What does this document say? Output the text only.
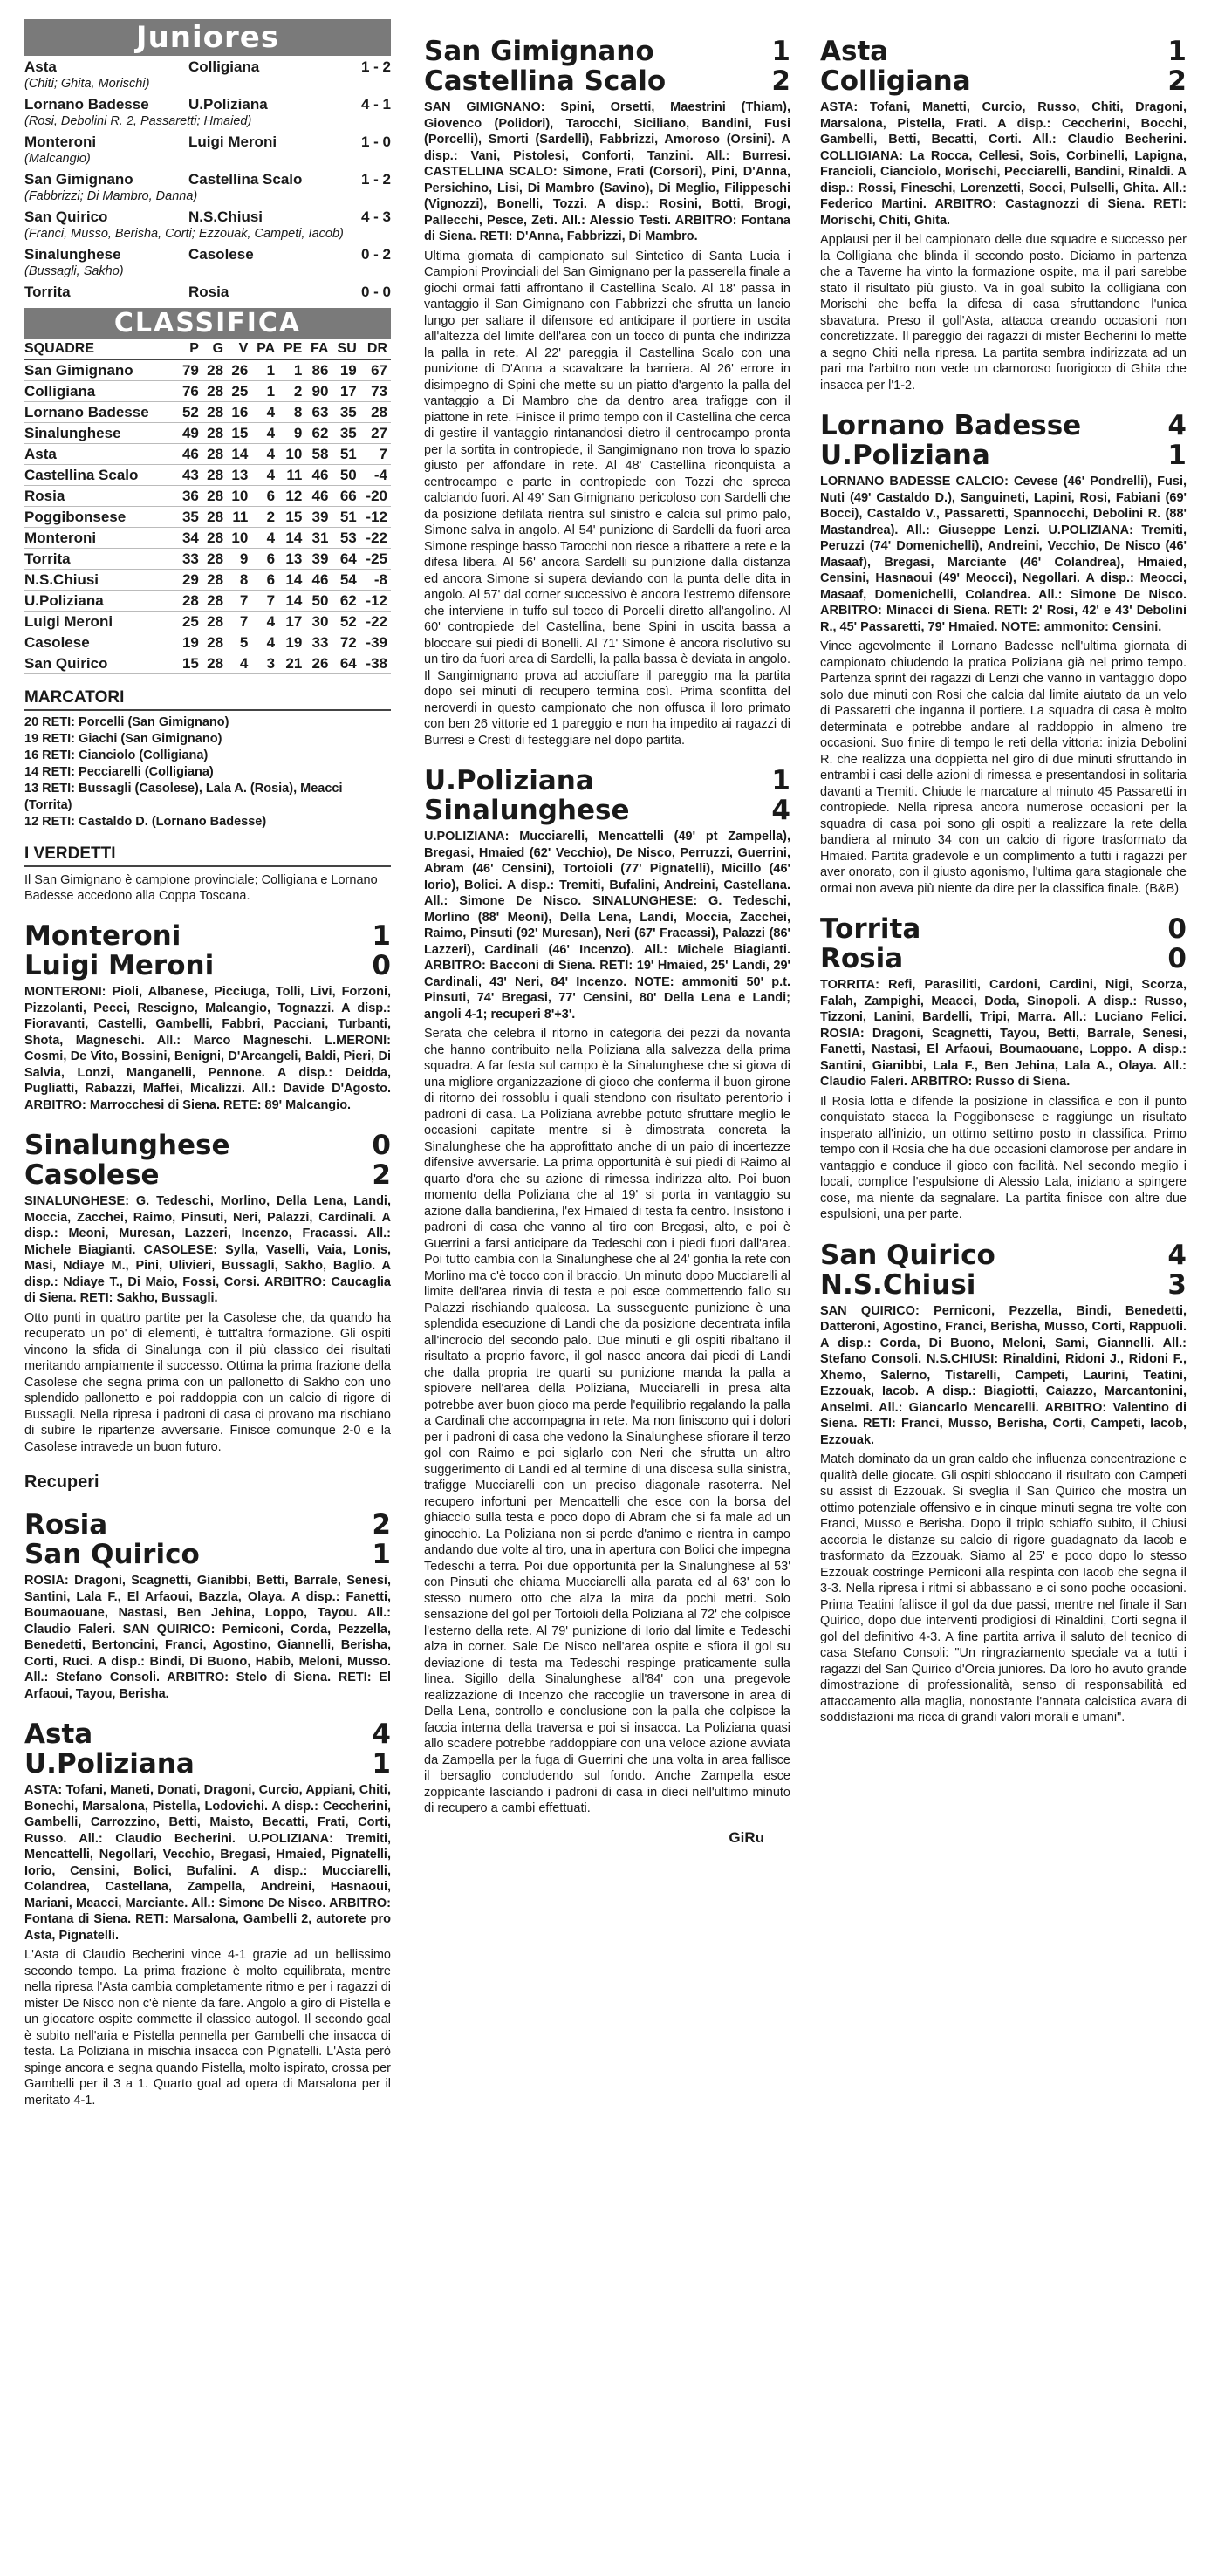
Juniores
Asta	Colligiana	1 - 2
(Chiti; Ghita, Morischi)
Lornano Badesse	U.Poliziana	4 - 1
(Rosi, Debolini R. 2, Passaretti; Hmaied)
Monteroni	Luigi Meroni	1 - 0
(Malcangio)
San Gimignano	Castellina Scalo	1 - 2
(Fabbrizzi; Di Mambro, Danna)
San Quirico	N.S.Chiusi	4 - 3
(Franci, Musso, Berisha, Corti; Ezzouak, Campeti, Iacob)
Sinalunghese	Casolese	0 - 2
(Bussagli, Sakho)
Torrita	Rosia	0 - 0
CLASSIFICA
SQUADRE	P	G	V	PA	PE	FA	SU	DR
San Gimignano	79	28	26	1	1	86	19	67
Colligiana	76	28	25	1	2	90	17	73
Lornano Badesse	52	28	16	4	8	63	35	28
Sinalunghese	49	28	15	4	9	62	35	27
Asta	46	28	14	4	10	58	51	7
Castellina Scalo	43	28	13	4	11	46	50	-4
Rosia	36	28	10	6	12	46	66	-20
Poggibonsese	35	28	11	2	15	39	51	-12
Monteroni	34	28	10	4	14	31	53	-22
Torrita	33	28	9	6	13	39	64	-25
N.S.Chiusi	29	28	8	6	14	46	54	-8
U.Poliziana	28	28	7	7	14	50	62	-12
Luigi Meroni	25	28	7	4	17	30	52	-22
Casolese	19	28	5	4	19	33	72	-39
San Quirico	15	28	4	3	21	26	64	-38
MARCATORI
20 RETI: Porcelli (San Gimignano)
19 RETI: Giachi (San Gimignano)
16 RETI: Cianciolo (Colligiana)
14 RETI: Pecciarelli (Colligiana)
13 RETI: Bussagli (Casolese), Lala A. (Rosia), Meacci (Torrita)
12 RETI: Castaldo D. (Lornano Badesse)
I VERDETTI
Il San Gimignano è campione provinciale; Colligiana e Lornano Badesse accedono alla Coppa Toscana.
Monteroni	1
Luigi Meroni	0
MONTERONI: Pioli, Albanese, Picciuga, Tolli, Livi, Forzoni, Pizzolanti, Pecci, Rescigno, Malcangio, Tognazzi. A disp.: Fioravanti, Castelli, Gambelli, Fabbri, Pacciani, Turbanti, Shota, Magneschi. All.: Marco Magneschi. L.MERONI: Cosmi, De Vito, Bossini, Benigni, D'Arcangeli, Baldi, Pieri, Di Salvia, Lonzi, Manganelli, Pennone. A disp.: Deidda, Pugliatti, Rabazzi, Maffei, Micalizzi. All.: Davide D'Agosto. ARBITRO: Marrocchesi di Siena. RETE: 89' Malcangio.
Sinalunghese	0
Casolese	2
SINALUNGHESE: G. Tedeschi, Morlino, Della Lena, Landi, Moccia, Zacchei, Raimo, Pinsuti, Neri, Palazzi, Cardinali. A disp.: Meoni, Muresan, Lazzeri, Incenzo, Fracassi. All.: Michele Biagianti. CASOLESE: Sylla, Vaselli, Vaia, Lonis, Masi, Ndiaye M., Pini, Ulivieri, Bussagli, Sakho, Baglio. A disp.: Ndiaye T., Di Maio, Fossi, Corsi. ARBITRO: Caucaglia di Siena. RETI: Sakho, Bussagli.
Otto punti in quattro partite per la Casolese che, da quando ha recuperato un po' di elementi, è tutt'altra formazione. Gli ospiti vincono la sfida di Sinalunga con il più classico dei risultati meritando ampiamente il successo. Ottima la prima frazione della Casolese che segna prima con un pallonetto di Sakho con uno splendido pallonetto e poi raddoppia con un calcio di rigore di Bussagli. Nella ripresa i padroni di casa ci provano ma rischiano di subire le ripartenze avversarie. Finisce comunque 2-0 e la Casolese intravede un buon futuro.
Recuperi
Rosia	2
San Quirico	1
ROSIA: Dragoni, Scagnetti, Gianibbi, Betti, Barrale, Senesi, Santini, Lala F., El Arfaoui, Bazzla, Olaya. A disp.: Fanetti, Boumaouane, Nastasi, Ben Jehina, Loppo, Tayou. All.: Claudio Faleri. SAN QUIRICO: Perniconi, Corda, Pezzella, Benedetti, Bertoncini, Franci, Agostino, Giannelli, Berisha, Corti, Ruci. A disp.: Bindi, Di Buono, Habib, Meloni, Musso. All.: Stefano Consoli. ARBITRO: Stelo di Siena. RETI: El Arfaoui, Tayou, Berisha.
Asta	4
U.Poliziana	1
ASTA: Tofani, Maneti, Donati, Dragoni, Curcio, Appiani, Chiti, Bonechi, Marsalona, Pistella, Lodovichi. A disp.: Ceccherini, Gambelli, Carrozzino, Betti, Maisto, Becatti, Frati, Corti, Russo. All.: Claudio Becherini. U.POLIZIANA: Tremiti, Mencattelli, Negollari, Vecchio, Bregasi, Hmaied, Pignatelli, Iorio, Censini, Bolici, Bufalini. A disp.: Mucciarelli, Colandrea, Castellana, Zampella, Andreini, Hasnaoui, Mariani, Meacci, Marciante. All.: Simone De Nisco. ARBITRO: Fontana di Siena. RETI: Marsalona, Gambelli 2, autorete pro Asta, Pignatelli.
L'Asta di Claudio Becherini vince 4-1 grazie ad un bellissimo secondo tempo. La prima frazione è molto equilibrata, mentre nella ripresa l'Asta cambia completamente ritmo e per i ragazzi di mister De Nisco non c'è niente da fare. Angolo a giro di Pistella e un giocatore ospite commette il classico autogol. Il secondo goal è subito nell'aria e Pistella pennella per Gambelli che insacca di testa. La Poliziana in mischia insacca con Pignatelli. L'Asta però spinge ancora e segna quando Pistella, molto ispirato, crossa per Gambelli per il 3 a 1. Quarto goal ad opera di Marsalona per il meritato 4-1.
San Gimignano	1
Castellina Scalo	2
SAN GIMIGNANO: Spini, Orsetti, Maestrini (Thiam), Giovenco (Polidori), Tarocchi, Siciliano, Bandini, Fusi (Porcelli), Smorti (Sardelli), Fabbrizzi, Amoroso (Orsini). A disp.: Vani, Pistolesi, Conforti, Tanzini. All.: Burresi. CASTELLINA SCALO: Simone, Frati (Corsori), Pini, D'Anna, Persichino, Lisi, Di Mambro (Savino), Di Meglio, Filippeschi (Vignozzi), Bonelli, Tozzi. A disp.: Rosini, Botti, Brogi, Pallecchi, Pesce, Zeti. All.: Alessio Testi. ARBITRO: Fontana di Siena. RETI: D'Anna, Fabbrizzi, Di Mambro.
Ultima giornata di campionato sul Sintetico di Santa Lucia i Campioni Provinciali del San Gimignano per la passerella finale a giochi ormai fatti affrontano il Castellina Scalo. Al 18' passa in vantaggio il San Gimignano con Fabbrizzi che sfrutta un lancio lungo per saltare il difensore ed anticipare il portiere in uscita all'altezza del limite dell'area con un tocco di punta che indirizza la palla in rete. Al 22' pareggia il Castellina Scalo con una punizione di D'Anna a scavalcare la barriera. Al 26' errore in disimpegno di Spini che mette su un piatto d'argento la palla del vantaggio a Di Mambro che da dentro area trafigge con il piattone in rete. Finisce il primo tempo con il Castellina che cerca di gestire il vantaggio rintanandosi dietro il centrocampo pronta per la sortita in contropiede, il Sangimignano non trova lo spazio giusto per affondare in rete. Al 48' Castellina riconquista a centrocampo e parte in contropiede con Tozzi che spreca calciando fuori. Al 49' San Gimignano pericoloso con Sardelli che da posizione defilata rientra sul sinistro e calcia sul primo palo, Simone salva in angolo. Al 54' punizione di Sardelli da fuori area Simone respinge basso Tarocchi non riesce a ribattere a rete e la difesa libera. Al 56' ancora Sardelli su punizione dalla distanza ed ancora Simone si supera deviando con la punta delle dita in angolo. Al 57' dal corner successivo è ancora l'estremo difensore che interviene in tuffo sul tocco di Porcelli diretto all'angolino. Al 60' contropiede del Castellina, bene Spini in uscita bassa a bloccare sui piedi di Bonelli. Al 71' Simone è ancora risolutivo su un tiro da fuori area di Sardelli, la palla bassa è deviata in angolo. Il Sangimignano prova ad acciuffare il pareggio ma la partita dopo sei minuti di recupero termina così. Prima sconfitta del neroverdi in questo campionato che non offusca il loro primato con ben 26 vittorie ed 1 pareggio e non ha impedito ai ragazzi di Burresi e Cresti di festeggiare nel dopo partita.
U.Poliziana	1
Sinalunghese	4
U.POLIZIANA: Mucciarelli, Mencattelli (49' pt Zampella), Bregasi, Hmaied (62' Vecchio), De Nisco, Perruzzi, Guerrini, Abram (46' Censini), Tortoioli (77' Pignatelli), Micillo (46' Iorio), Bolici. A disp.: Tremiti, Bufalini, Andreini, Castellana. All.: Simone De Nisco. SINALUNGHESE: G. Tedeschi, Morlino (88' Meoni), Della Lena, Landi, Moccia, Zacchei, Raimo, Pinsuti (92' Muresan), Neri (67' Fracassi), Palazzi (86' Lazzeri), Cardinali (46' Incenzo). All.: Michele Biagianti. ARBITRO: Bacconi di Siena. RETI: 19' Hmaied, 25' Landi, 29' Cardinali, 43' Neri, 84' Incenzo. NOTE: ammoniti 50' p.t. Pinsuti, 74' Bregasi, 77' Censini, 80' Della Lena e Landi; angoli 4-1; recuperi 8'+3'.
Serata che celebra il ritorno in categoria dei pezzi da novanta che hanno contribuito nella Poliziana alla salvezza della prima squadra. A far festa sul campo è la Sinalunghese che si giova di una migliore organizzazione di gioco che conferma il buon girone di ritorno dei rossoblu i quali stendono con risultato perentorio i padroni di casa. La Poliziana avrebbe potuto sfruttare meglio le occasioni capitate mentre si è dimostrata concreta la Sinalunghese che ha approfittato anche di un paio di incertezze difensive avversarie. La prima opportunità è sui piedi di Raimo al quarto d'ora che su azione di rimessa indirizza alto. Poi buon momento della Poliziana che al 19' si porta in vantaggio su azione dalla bandierina, l'ex Hmaied di testa fa centro. Insistono i padroni di casa che vanno al tiro con Bregasi, alto, e poi è Guerrini a farsi anticipare da Tedeschi con i piedi fuori dall'area. Poi tutto cambia con la Sinalunghese che al 24' gonfia la rete con Morlino ma c'è tocco con il braccio. Un minuto dopo Mucciarelli al limite dell'area rinvia di testa e poi esce commettendo fallo su Palazzi rischiando qualcosa. La susseguente punizione è una splendida esecuzione di Landi che da posizione decentrata infila all'incrocio del secondo palo. Due minuti e gli ospiti ribaltano il risultato a proprio favore, il gol nasce ancora dai piedi di Landi che dalla propria tre quarti su punizione manda la palla a spiovere nell'area della Poliziana, Mucciarelli in presa alta potrebbe aver buon gioco ma perde l'equilibrio regalando la palla a Cardinali che accompagna in rete. Ma non finiscono qui i dolori per i padroni di casa che vedono la Sinalunghese sfiorare il terzo gol con Raimo e poi siglarlo con Neri che sfrutta un altro suggerimento di Landi ed al termine di una discesa sulla sinistra, trafigge Mucciarelli con un preciso diagonale rasoterra. Nel recupero infortuni per Mencattelli che esce con la borsa del ghiaccio sulla testa e poco dopo di Abram che si fa male ad un ginocchio. La Poliziana non si perde d'animo e rientra in campo andando due volte al tiro, una in apertura con Bolici che impegna Tedeschi a terra. Poi due opportunità per la Sinalunghese al 53' con Pinsuti che chiama Mucciarelli alla parata ed al 63' con lo stesso numero otto che alza la mira da pochi metri. Solo sensazione del gol per Tortoioli della Poliziana al 72' che colpisce l'esterno della rete. Al 79' punizione di Iorio dal limite e Tedeschi alza in corner. Sale De Nisco nell'area ospite e sfiora il gol su deviazione di testa ma Tedeschi respinge praticamente sulla linea. Sigillo della Sinalunghese all'84' con una pregevole realizzazione di Incenzo che raccoglie un traversone in area di Della Lena, controllo e conclusione con la palla che colpisce la faccia interna della traversa e poi si insacca. La Poliziana quasi allo scadere potrebbe raddoppiare con una veloce azione avviata da Zampella per la fuga di Guerrini che una volta in area fallisce il bersaglio concludendo sul fondo. Anche Zampella esce zoppicante lasciando i padroni di casa in dieci nell'ultimo minuto di recupero a cambi effettuati.
GiRu
Asta	1
Colligiana	2
ASTA: Tofani, Manetti, Curcio, Russo, Chiti, Dragoni, Marsalona, Pistella, Frati. A disp.: Ceccherini, Bocchi, Gambelli, Betti, Becatti, Corti. All.: Claudio Becherini. COLLIGIANA: La Rocca, Cellesi, Sois, Corbinelli, Lapigna, Francioli, Cianciolo, Morischi, Pecciarelli, Bandini, Rinaldi. A disp.: Rossi, Fineschi, Lorenzetti, Socci, Pulselli, Ghita. All.: Federico Martini. ARBITRO: Castagnozzi di Siena. RETI: Morischi, Chiti, Ghita.
Applausi per il bel campionato delle due squadre e successo per la Colligiana che blinda il secondo posto. Diciamo in partenza che a Taverne ha vinto la formazione ospite, ma il pari sarebbe stato il risultato più giusto. Va in goal subito la colligiana con Morischi che beffa la difesa di casa sfruttandone l'unica sbavatura. Preso il goll'Asta, attacca creando occasioni non concretizzate. Il pareggio dei ragazzi di mister Becherini lo mette a segno Chiti nella ripresa. La partita sembra indirizzata ad un pari ma l'arbitro non vede un clamoroso fuorigioco di Ghita che insacca per l'1-2.
Lornano Badesse	4
U.Poliziana	1
LORNANO BADESSE CALCIO: Cevese (46' Pondrelli), Fusi, Nuti (49' Castaldo D.), Sanguineti, Lapini, Rosi, Fabiani (69' Bocci), Castaldo V., Passaretti, Spannocchi, Debolini R. (88' Mastandrea). All.: Giuseppe Lenzi. U.POLIZIANA: Tremiti, Peruzzi (74' Domenichelli), Andreini, Vecchio, De Nisco (46' Masaaf), Bregasi, Marciante (46' Colandrea), Hmaied, Censini, Hasnaoui (49' Meocci), Negollari. A disp.: Meocci, Masaaf, Domenichelli, Colandrea. All.: Simone De Nisco. ARBITRO: Minacci di Siena. RETI: 2' Rosi, 42' e 43' Debolini R., 45' Passaretti, 79' Hmaied. NOTE: ammonito: Censini.
Vince agevolmente il Lornano Badesse nell'ultima giornata di campionato chiudendo la pratica Poliziana già nel primo tempo. Partenza sprint dei ragazzi di Lenzi che vanno in vantaggio dopo solo due minuti con Rosi che calcia dal limite aiutato da un velo di Passaretti che inganna il portiere. La squadra di casa è molto determinata e potrebbe andare al raddoppio in almeno tre occasioni. Suo finire di tempo le reti della vittoria: inizia Debolini R. che realizza una doppietta nel giro di due minuti sfruttando in entrambi i casi delle azioni di rimessa e presentandosi in solitaria davanti a Tremiti. Chiude le marcature al minuto 45 Passaretti in contropiede. Nella ripresa ancora numerose occasioni per la squadra di casa poi sono gli ospiti a realizzare la rete della bandiera al minuto 34 con un calcio di rigore trasformato da Hmaied. Partita gradevole e un complimento a tutti i ragazzi per aver onorato, con il giusto agonismo, l'ultima gara stagionale che ormai non aveva più niente da dire per la classifica finale. (B&B)
Torrita	0
Rosia	0
TORRITA: Refi, Parasiliti, Cardoni, Cardini, Nigi, Scorza, Falah, Zampighi, Meacci, Doda, Sinopoli. A disp.: Russo, Tizzoni, Lanini, Bardelli, Tripi, Marra. All.: Luciano Felici. ROSIA: Dragoni, Scagnetti, Tayou, Betti, Barrale, Senesi, Fanetti, Nastasi, El Arfaoui, Boumaouane, Loppo. A disp.: Santini, Gianibbi, Lala F., Ben Jehina, Lala A., Olaya. All.: Claudio Faleri. ARBITRO: Russo di Siena.
Il Rosia lotta e difende la posizione in classifica e con il punto conquistato stacca la Poggibonsese e raggiunge un risultato insperato all'inizio, un ottimo settimo posto in classifica. Primo tempo con il Rosia che ha due occasioni clamorose per andare in vantaggio e conduce il gioco con facilità. Nel secondo meglio i locali, complice l'espulsione di Alessio Lala, iniziano a spingere cose, ma niente da segnalare. La partita finisce con altre due espulsioni, una per parte.
San Quirico	4
N.S.Chiusi	3
SAN QUIRICO: Perniconi, Pezzella, Bindi, Benedetti, Datteroni, Agostino, Franci, Berisha, Musso, Corti, Rappuoli. A disp.: Corda, Di Buono, Meloni, Sami, Giannelli. All.: Stefano Consoli. N.S.CHIUSI: Rinaldini, Ridoni J., Ridoni F., Xhemo, Salerno, Tistarelli, Campeti, Laurini, Teatini, Ezzouak, Iacob. A disp.: Biagiotti, Caiazzo, Marcantonini, Anselmi. All.: Giancarlo Mencarelli. ARBITRO: Valentino di Siena. RETI: Franci, Musso, Berisha, Corti, Campeti, Iacob, Ezzouak.
Match dominato da un gran caldo che influenza concentrazione e qualità delle giocate. Gli ospiti sbloccano il risultato con Campeti su assist di Ezzouak. Si sveglia il San Quirico che mostra un ottimo potenziale offensivo e in cinque minuti segna tre volte con Franci, Musso e Berisha. Dopo il triplo schiaffo subito, il Chiusi accorcia le distanze su calcio di rigore guadagnato da Iacob e trasformato da Ezzouak. Siamo al 25' e poco dopo lo stesso Ezzouak costringe Perniconi alla respinta con Iacob che segna il 3-3. Nella ripresa i ritmi si abbassano e ci sono poche occasioni. Prima Teatini fallisce il gol da due passi, mentre nel finale il San Quirico, dopo due interventi prodigiosi di Rinaldini, Corti segna il gol del definitivo 4-3. A fine partita arriva il saluto del tecnico di casa Stefano Consoli: "Un ringraziamento speciale va a tutti i ragazzi del San Quirico d'Orcia juniores. Da loro ho avuto grande dimostrazione di professionalità, senso di responsabilità ed attaccamento alla maglia, nonostante l'annata calcistica avara di soddisfazioni ma ricca di grandi valori morali e umani".
